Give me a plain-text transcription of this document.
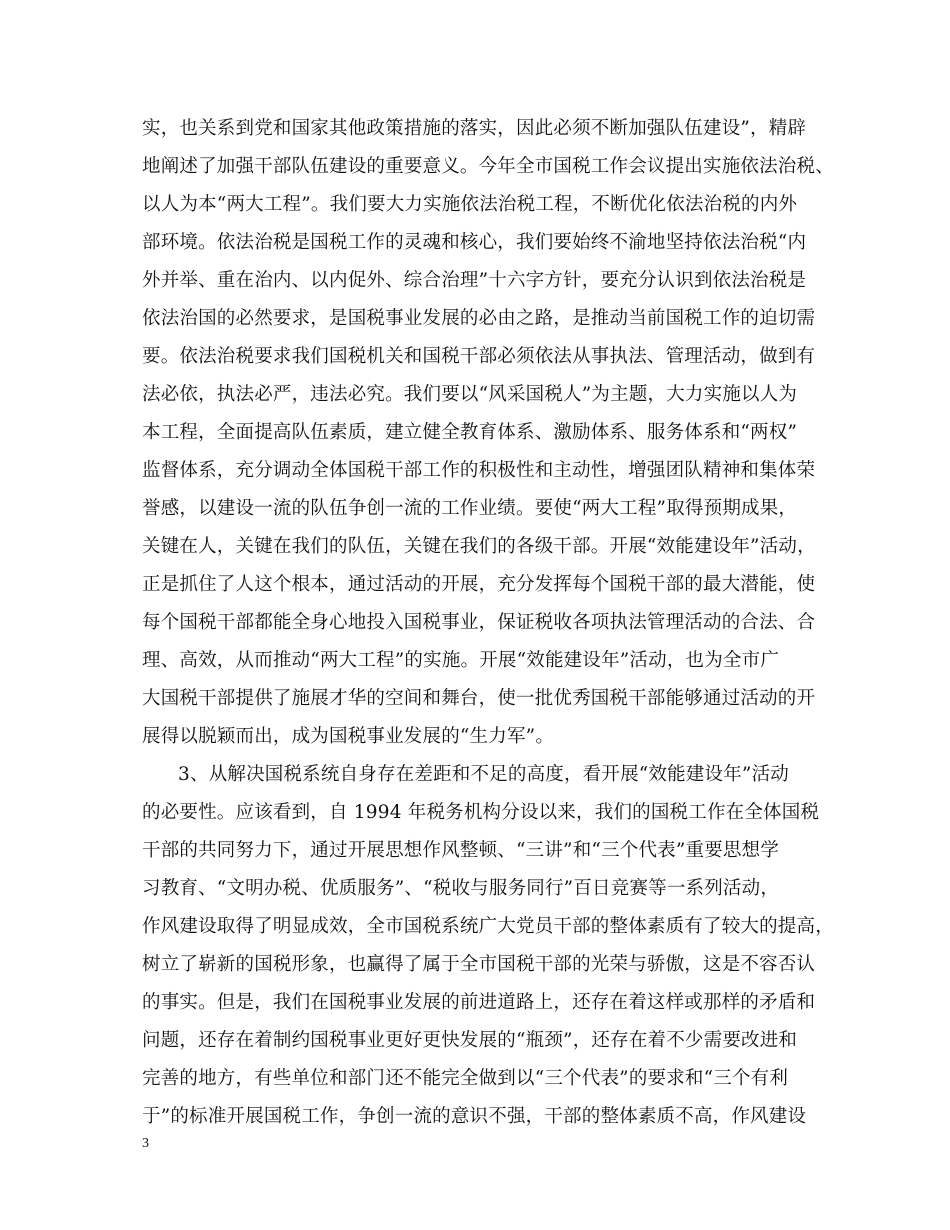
实，也关系到党和国家其他政策措施的落实，因此必须不断加强队伍建设”，精辟
地阐述了加强干部队伍建设的重要意义。今年全市国税工作会议提出实施依法治税、
以人为本“两大工程”。我们要大力实施依法治税工程，不断优化依法治税的内外
部环境。依法治税是国税工作的灵魂和核心，我们要始终不渝地坚持依法治税“内
外并举、重在治内、以内促外、综合治理”十六字方针，要充分认识到依法治税是
依法治国的必然要求，是国税事业发展的必由之路，是推动当前国税工作的迫切需
要。依法治税要求我们国税机关和国税干部必须依法从事执法、管理活动，做到有
法必依，执法必严，违法必究。我们要以“风采国税人”为主题，大力实施以人为
本工程，全面提高队伍素质，建立健全教育体系、激励体系、服务体系和“两权”
监督体系，充分调动全体国税干部工作的积极性和主动性，增强团队精神和集体荣
誉感，以建设一流的队伍争创一流的工作业绩。要使“两大工程”取得预期成果，
关键在人，关键在我们的队伍，关键在我们的各级干部。开展“效能建设年”活动，
正是抓住了人这个根本，通过活动的开展，充分发挥每个国税干部的最大潜能，使
每个国税干部都能全身心地投入国税事业，保证税收各项执法管理活动的合法、合
理、高效，从而推动“两大工程”的实施。开展“效能建设年”活动，也为全市广
大国税干部提供了施展才华的空间和舞台，使一批优秀国税干部能够通过活动的开
展得以脱颖而出，成为国税事业发展的“生力军”。
3、从解决国税系统自身存在差距和不足的高度，看开展“效能建设年”活动
的必要性。应该看到，自 1994 年税务机构分设以来，我们的国税工作在全体国税
干部的共同努力下，通过开展思想作风整顿、“三讲”和“三个代表”重要思想学
习教育、“文明办税、优质服务”、“税收与服务同行”百日竞赛等一系列活动，
作风建设取得了明显成效，全市国税系统广大党员干部的整体素质有了较大的提高，
树立了崭新的国税形象，也赢得了属于全市国税干部的光荣与骄傲，这是不容否认
的事实。但是，我们在国税事业发展的前进道路上，还存在着这样或那样的矛盾和
问题，还存在着制约国税事业更好更快发展的“瓶颈”，还存在着不少需要改进和
完善的地方，有些单位和部门还不能完全做到以“三个代表”的要求和“三个有利
于”的标准开展国税工作，争创一流的意识不强，干部的整体素质不高，作风建设
3
